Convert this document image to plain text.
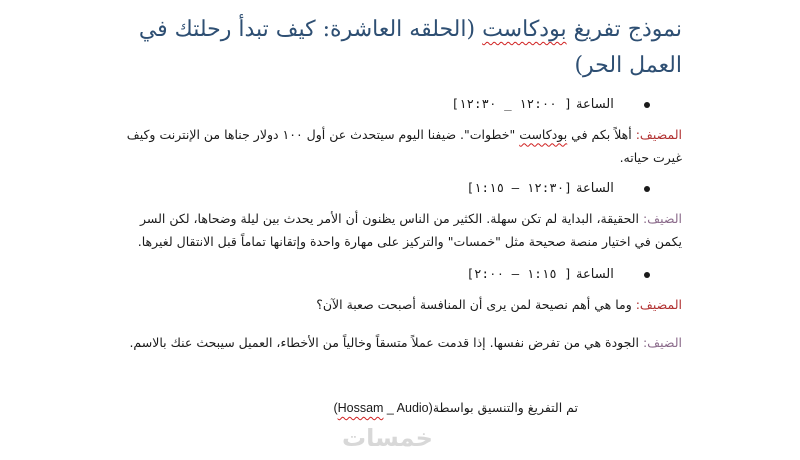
نموذج تفريغ بودكاست (الحلقه العاشرة: كيف تبدأ رحلتك في العمل الحر)
الساعة [ ١٢:٠٠ _ ١٢:٣٠]

المضيف: أهلاً بكم في بودكاست "خطوات". ضيفنا اليوم سيتحدث عن أول ١٠٠ دولار جناها من الإنترنت وكيف غيرت حياته.

الساعة [١٢:٣٠ – ١:١٥]

الضيف: الحقيقة، البداية لم تكن سهلة. الكثير من الناس يظنون أن الأمر يحدث بين ليلة وضحاها، لكن السر يكمن في اختيار منصة صحيحة مثل "خمسات" والتركيز على مهارة واحدة وإتقانها تماماً قبل الانتقال لغيرها.

الساعة [ ١:١٥ – ٢:٠٠]

المضيف: وما هي أهم نصيحة لمن يرى أن المنافسة أصبحت صعبة الآن؟

الضيف: الجودة هي من تفرض نفسها. إذا قدمت عملاً متسقاً وخالياً من الأخطاء، العميل سيبحث عنك بالاسم.

تم التفريغ والتنسيق بواسطة(Hossam _ Audio)
خمسات
